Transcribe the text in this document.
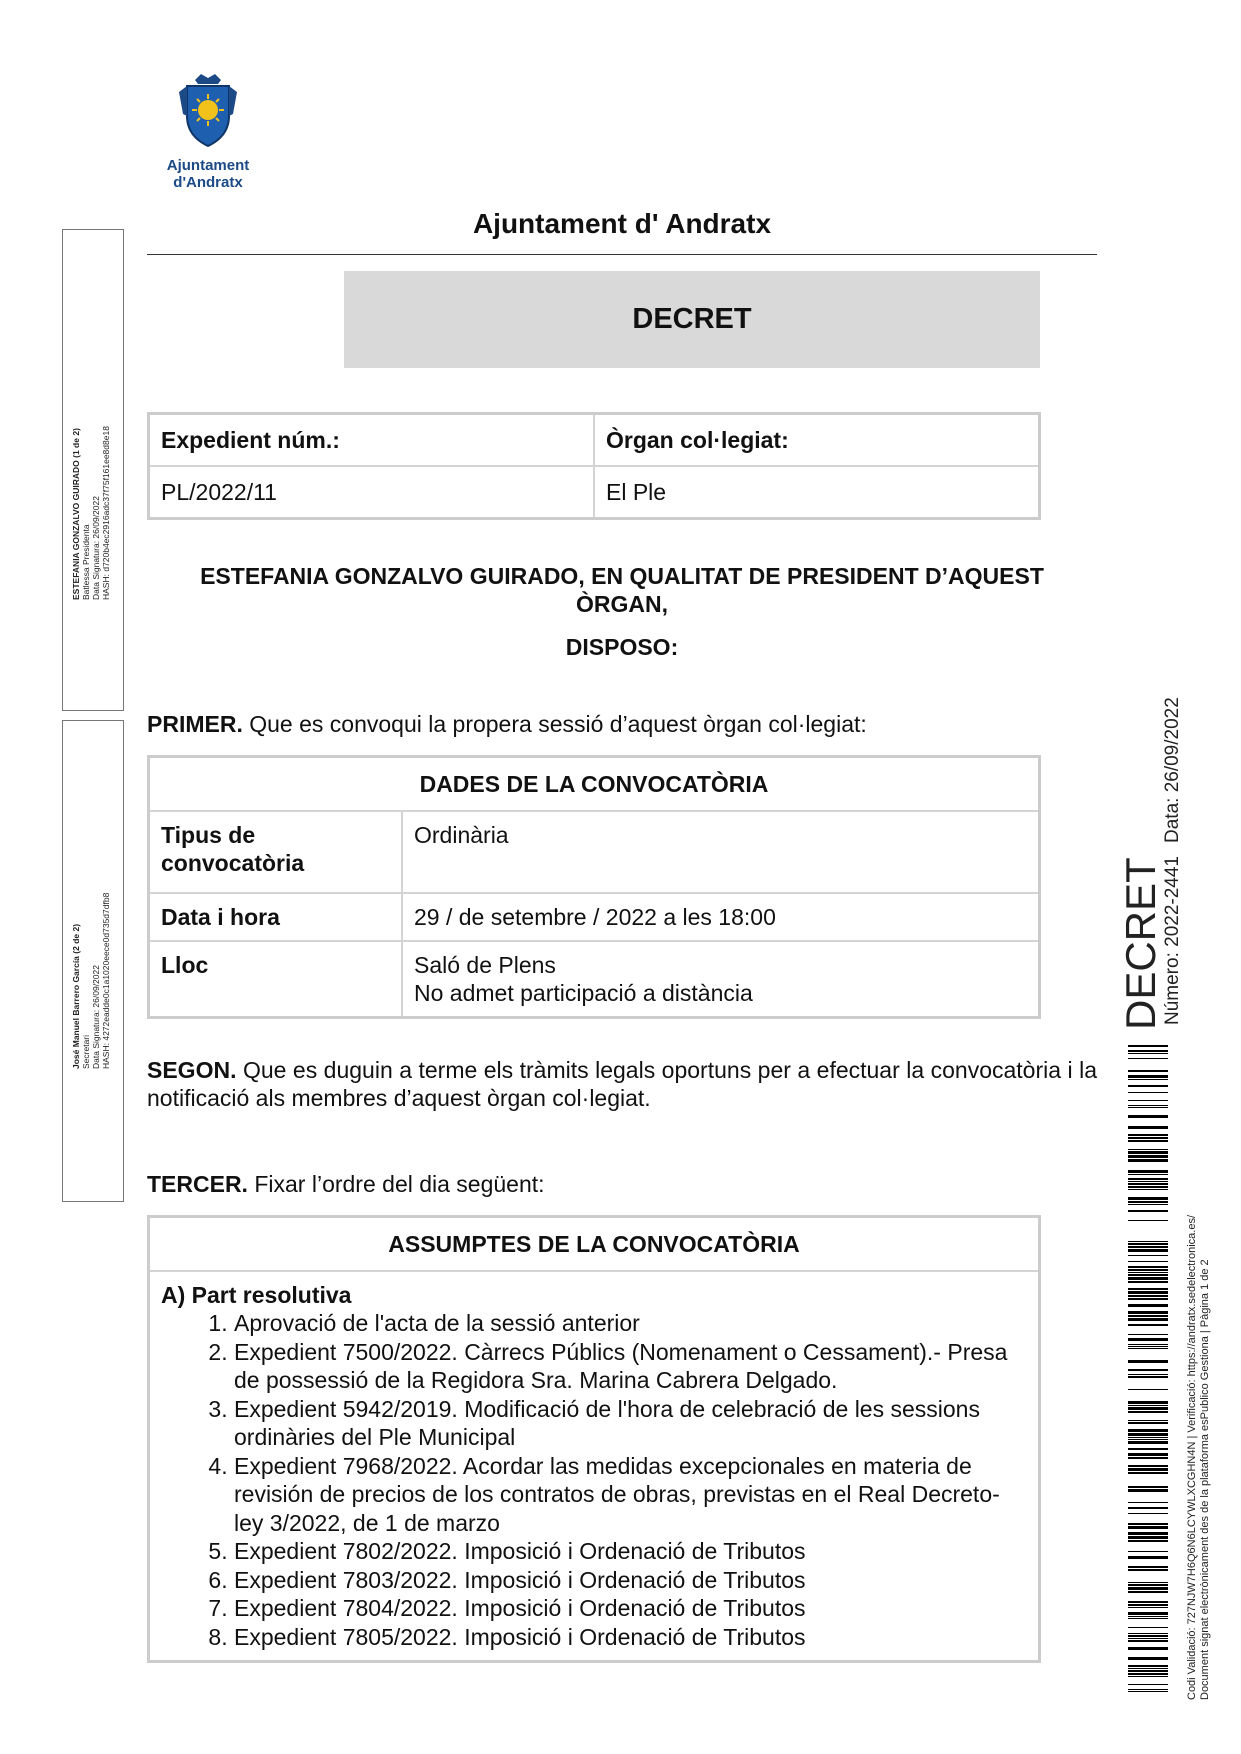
Ajuntament
d'Andratx
Ajuntament d' Andratx
DECRET
Expedient núm.:	Òrgan col·legiat:
PL/2022/11	El Ple
ESTEFANIA GONZALVO GUIRADO, EN QUALITAT DE PRESIDENT D’AQUEST
ÒRGAN,
DISPOSO:
PRIMER. Que es convoqui la propera sessió d’aquest òrgan col·legiat:
DADES DE LA CONVOCATÒRIA	
Tipus de convocatòria	Ordinària
Data i hora	29 / de setembre / 2022 a les 18:00
Lloc	Saló de Plens
No admet participació a distància
SEGON. Que es duguin a terme els tràmits legals oportuns per a efectuar la convocatòria i la notificació als membres d’aquest òrgan col·legiat.
TERCER. Fixar l’ordre del dia següent:
ASSUMPTES DE LA CONVOCATÒRIA

A) Part resolutiva
1. Aprovació de l'acta de la sessió anterior
2. Expedient 7500/2022. Càrrecs Públics (Nomenament o Cessament).- Presa de possessió de la Regidora Sra. Marina Cabrera Delgado.
3. Expedient 5942/2019. Modificació de l'hora de celebració de les sessions ordinàries del Ple Municipal
4. Expedient 7968/2022. Acordar las medidas excepcionales en materia de revisión de precios de los contratos de obras, previstas en el Real Decreto-ley 3/2022, de 1 de marzo
5. Expedient 7802/2022. Imposició i Ordenació de Tributos
6. Expedient 7803/2022. Imposició i Ordenació de Tributos
7. Expedient 7804/2022. Imposició i Ordenació de Tributos
8. Expedient 7805/2022. Imposició i Ordenació de Tributos
ESTEFANIA GONZALVO GUIRADO (1 de 2) Batlessa Presidenta Data Signatura: 26/09/2022 HASH: d720b4ec2916adc37f75f161ee8d8e18
José Manuel Barrero García (2 de 2) Secretari Data Signatura: 26/09/2022 HASH: 4272eadde0c1a1020eece0d735d7dfb8	DECRET
Número: 2022-2441
Data: 26/09/2022
Codi Validació: 727NJW7H6Q6N6LCYWLXCGHN4N | Verificació: https://andratx.sedelectronica.es/ Document signat electrònicament des de la plataforma esPublico Gestiona | Pàgina 1 de 2
